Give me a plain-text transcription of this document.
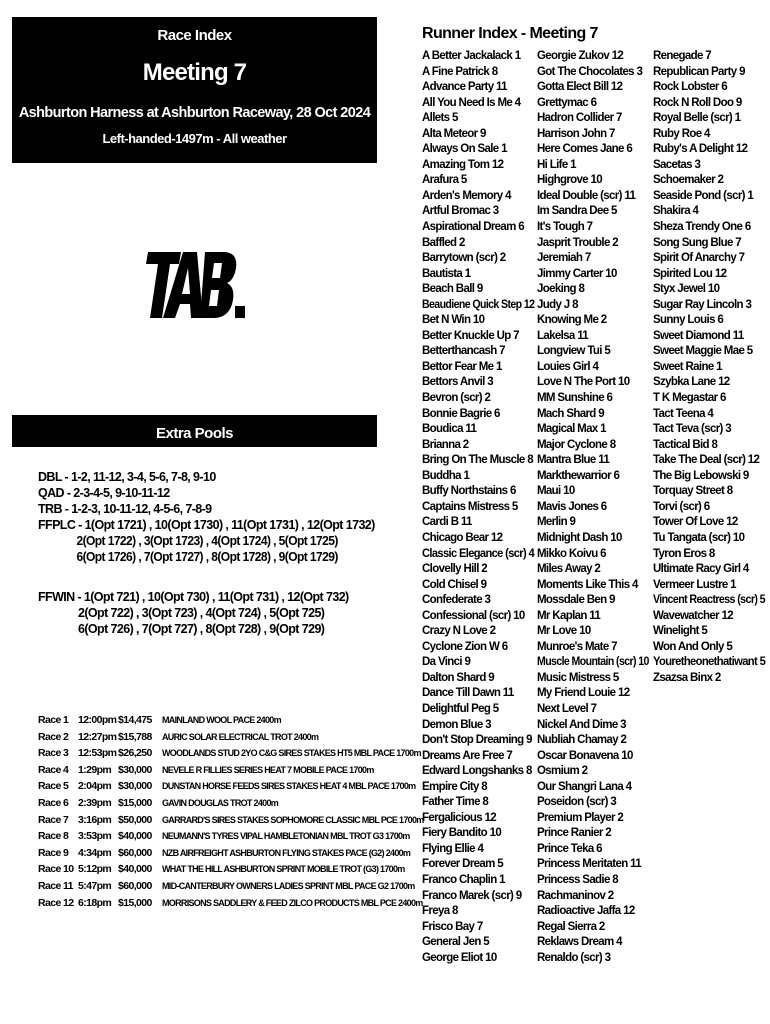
Race Index
Meeting 7
Ashburton Harness at Ashburton Raceway, 28 Oct 2024
Left-handed-1497m - All weather
Extra Pools
DBL - 1-2, 11-12, 3-4, 5-6, 7-8, 9-10
QAD - 2-3-4-5, 9-10-11-12
TRB - 1-2-3, 10-11-12, 4-5-6, 7-8-9
FFPLC - 1(Opt 1721) , 10(Opt 1730) , 11(Opt 1731) , 12(Opt 1732)
2(Opt 1722) , 3(Opt 1723) , 4(Opt 1724) , 5(Opt 1725)
6(Opt 1726) , 7(Opt 1727) , 8(Opt 1728) , 9(Opt 1729)
FFWIN - 1(Opt 721) , 10(Opt 730) , 11(Opt 731) , 12(Opt 732)
2(Opt 722) , 3(Opt 723) , 4(Opt 724) , 5(Opt 725)
6(Opt 726) , 7(Opt 727) , 8(Opt 728) , 9(Opt 729)
Race 1 12:00pm $14,475 MAINLAND WOOL PACE 2400m
Race 2 12:27pm $15,788 AURIC SOLAR ELECTRICAL TROT 2400m
Race 3 12:53pm $26,250 WOODLANDS STUD 2YO C&G SIRES STAKES HT5 MBL PACE 1700m
Race 4 1:29pm $30,000 NEVELE R FILLIES SERIES HEAT 7 MOBILE PACE 1700m
Race 5 2:04pm $30,000 DUNSTAN HORSE FEEDS SIRES STAKES HEAT 4 MBL PACE 1700m
Race 6 2:39pm $15,000 GAVIN DOUGLAS TROT 2400m
Race 7 3:16pm $50,000 GARRARD'S SIRES STAKES SOPHOMORE CLASSIC MBL PCE 1700m
Race 8 3:53pm $40,000 NEUMANN'S TYRES VIPAL HAMBLETONIAN MBL TROT G3 1700m
Race 9 4:34pm $60,000 NZB AIRFREIGHT ASHBURTON FLYING STAKES PACE (G2) 2400m
Race 10 5:12pm $40,000 WHAT THE HILL ASHBURTON SPRINT MOBILE TROT (G3) 1700m
Race 11 5:47pm $60,000 MID-CANTERBURY OWNERS LADIES SPRINT MBL PACE G2 1700m
Race 12 6:18pm $15,000 MORRISONS SADDLERY & FEED ZILCO PRODUCTS MBL PCE 2400m
Runner Index - Meeting 7
A Better Jackalack 1
A Fine Patrick 8
Advance Party 11
All You Need Is Me 4
Allets 5
Alta Meteor 9
Always On Sale 1
Amazing Tom 12
Arafura 5
Arden's Memory 4
Artful Bromac 3
Aspirational Dream 6
Baffled 2
Barrytown (scr) 2
Bautista 1
Beach Ball 9
Beaudiene Quick Step 12
Bet N Win 10
Better Knuckle Up 7
Betterthancash 7
Bettor Fear Me 1
Bettors Anvil 3
Bevron (scr) 2
Bonnie Bagrie 6
Boudica 11
Brianna 2
Bring On The Muscle 8
Buddha 1
Buffy Northstains 6
Captains Mistress 5
Cardi B 11
Chicago Bear 12
Classic Elegance (scr) 4
Clovelly Hill 2
Cold Chisel 9
Confederate 3
Confessional (scr) 10
Crazy N Love 2
Cyclone Zion W 6
Da Vinci 9
Dalton Shard 9
Dance Till Dawn 11
Delightful Peg 5
Demon Blue 3
Don't Stop Dreaming 9
Dreams Are Free 7
Edward Longshanks 8
Empire City 8
Father Time 8
Fergalicious 12
Fiery Bandito 10
Flying Ellie 4
Forever Dream 5
Franco Chaplin 1
Franco Marek (scr) 9
Freya 8
Frisco Bay 7
General Jen 5
George Eliot 10
Georgie Zukov 12
Got The Chocolates 3
Gotta Elect Bill 12
Grettymac 6
Hadron Collider 7
Harrison John 7
Here Comes Jane 6
Hi Life 1
Highgrove 10
Ideal Double (scr) 11
Im Sandra Dee 5
It's Tough 7
Jasprit Trouble 2
Jeremiah 7
Jimmy Carter 10
Joeking 8
Judy J 8
Knowing Me 2
Lakelsa 11
Longview Tui 5
Louies Girl 4
Love N The Port 10
MM Sunshine 6
Mach Shard 9
Magical Max 1
Major Cyclone 8
Mantra Blue 11
Markthewarrior 6
Maui 10
Mavis Jones 6
Merlin 9
Midnight Dash 10
Mikko Koivu 6
Miles Away 2
Moments Like This 4
Mossdale Ben 9
Mr Kaplan 11
Mr Love 10
Munroe's Mate 7
Muscle Mountain (scr) 10
Music Mistress 5
My Friend Louie 12
Next Level 7
Nickel And Dime 3
Nubliah Chamay 2
Oscar Bonavena 10
Osmium 2
Our Shangri Lana 4
Poseidon (scr) 3
Premium Player 2
Prince Ranier 2
Prince Teka 6
Princess Meritaten 11
Princess Sadie 8
Rachmaninov 2
Radioactive Jaffa 12
Regal Sierra 2
Reklaws Dream 4
Renaldo (scr) 3
Renegade 7
Republican Party 9
Rock Lobster 6
Rock N Roll Doo 9
Royal Belle (scr) 1
Ruby Roe 4
Ruby's A Delight 12
Sacetas 3
Schoemaker 2
Seaside Pond (scr) 1
Shakira 4
Sheza Trendy One 6
Song Sung Blue 7
Spirit Of Anarchy 7
Spirited Lou 12
Styx Jewel 10
Sugar Ray Lincoln 3
Sunny Louis 6
Sweet Diamond 11
Sweet Maggie Mae 5
Sweet Raine 1
Szybka Lane 12
T K Megastar 6
Tact Teena 4
Tact Teva (scr) 3
Tactical Bid 8
Take The Deal (scr) 12
The Big Lebowski 9
Torquay Street 8
Torvi (scr) 6
Tower Of Love 12
Tu Tangata (scr) 10
Tyron Eros 8
Ultimate Racy Girl 4
Vermeer Lustre 1
Vincent Reactress (scr) 5
Wavewatcher 12
Winelight 5
Won And Only 5
Youretheonethatiwant 5
Zsazsa Binx 2
